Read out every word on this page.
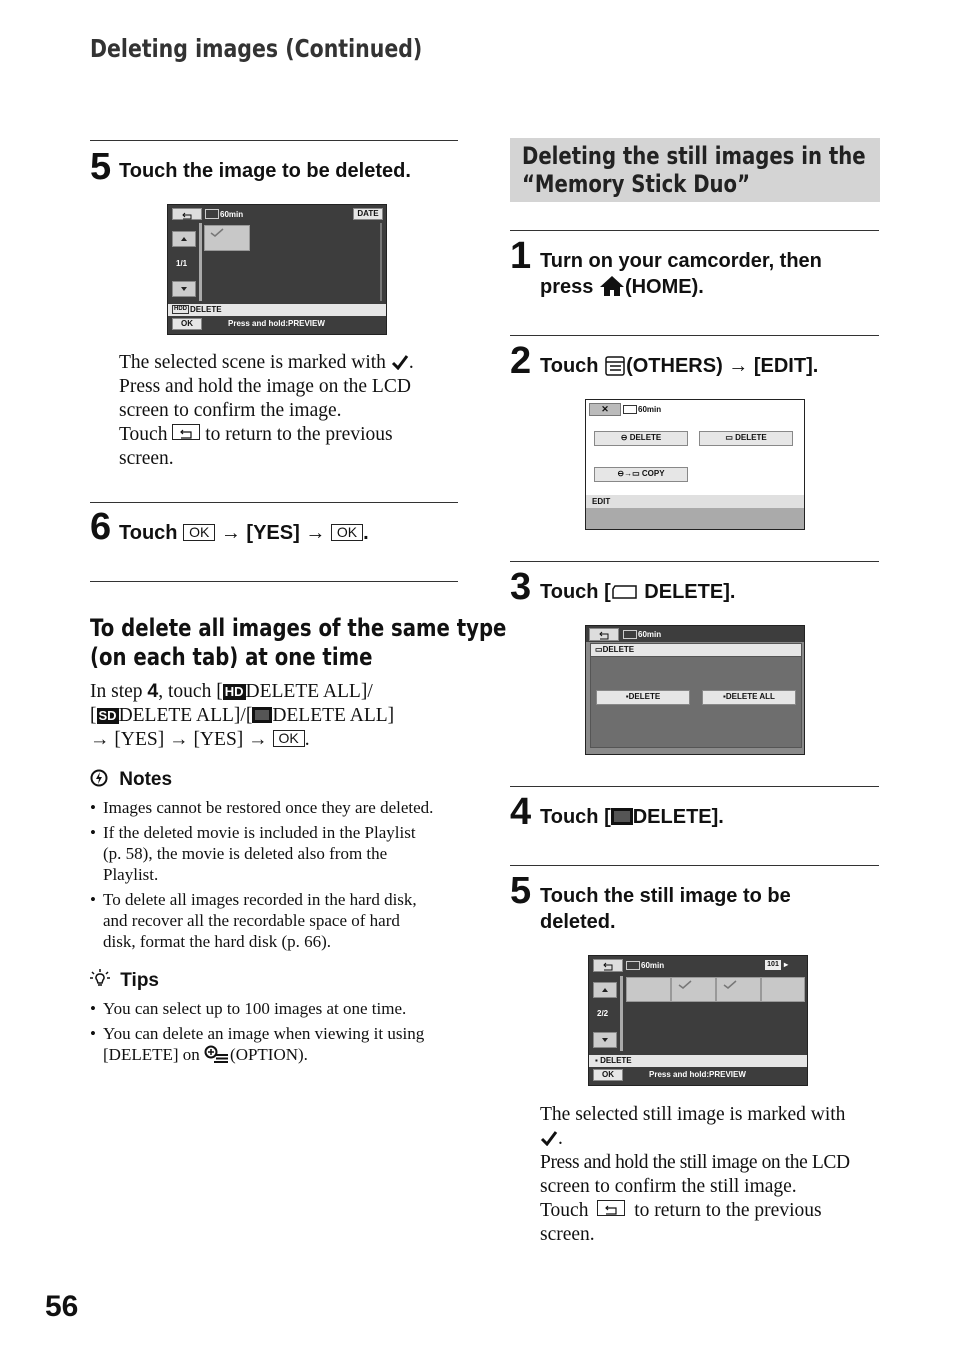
Deleting images (Continued)
5 Touch the image to be deleted.
60min	DATE
1/1
HDD DELETE
OK	Press and hold:PREVIEW
The selected scene is marked with .
Press and hold the image on the LCD
screen to confirm the image.
Touch to return to the previous
screen.
6 Touch OK → [YES] → OK .
To delete all images of the same type
(on each tab) at one time
In step 4, touch [ HD DELETE ALL]/
[ SD DELETE ALL]/[ DELETE ALL]
→ [YES] → [YES] → OK .
Notes
• Images cannot be restored once they are deleted.
• If the deleted movie is included in the Playlist
(p. 58), the movie is deleted also from the
Playlist.
• To delete all images recorded in the hard disk,
and recover all the recordable space of hard
disk, format the hard disk (p. 66).
Tips
• You can select up to 100 images at one time.
• You can delete an image when viewing it using
[DELETE] on (OPTION).
56
Deleting the still images in the
“Memory Stick Duo”
1 Turn on your camcorder, then
press (HOME).
2 Touch (OTHERS) → [EDIT].
✕	60min
⊖ DELETE	▭ DELETE
⊖→▭ COPY
EDIT
3 Touch [ DELETE].
60min
▭DELETE
▪DELETE	▪DELETE ALL
4 Touch [ DELETE].
5 Touch the still image to be
deleted.
60min	101 ▸
2/2
▪ DELETE
OK	Press and hold:PREVIEW
The selected still image is marked with
.
Press and hold the still image on the LCD
screen to confirm the still image.
Touch to return to the previous
screen.
